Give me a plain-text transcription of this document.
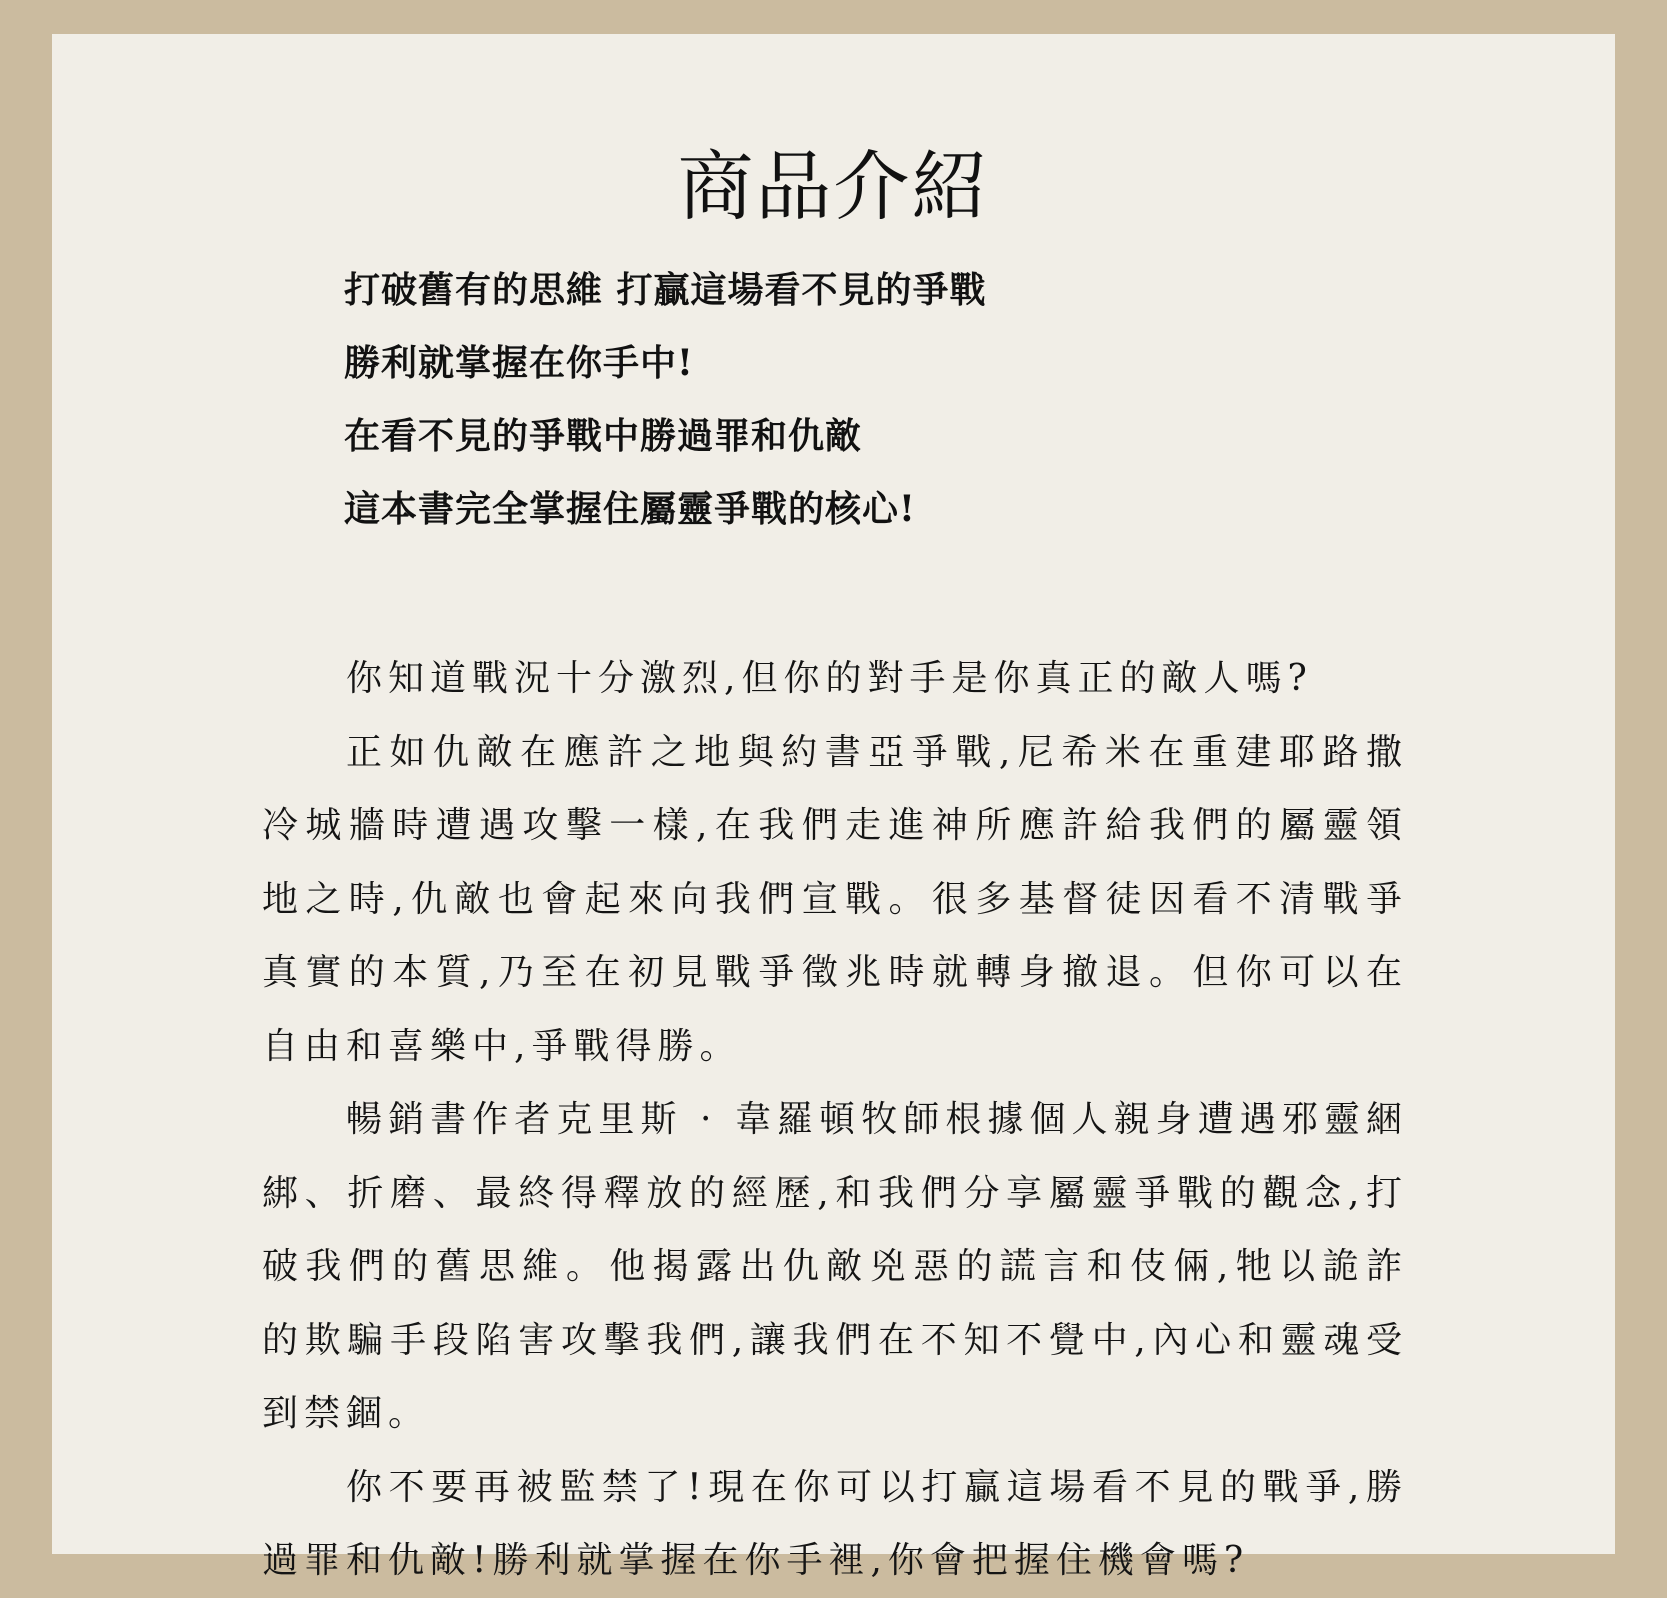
商品介紹

打破舊有的思維 打贏這場看不見的爭戰

勝利就掌握在你手中!

在看不見的爭戰中勝過罪和仇敵

這本書完全掌握住屬靈爭戰的核心!

你知道戰況十分激烈,但你的對手是你真正的敵人嗎?

正如仇敵在應許之地與約書亞爭戰,尼希米在重建耶路撒冷城牆時遭遇攻擊一樣,在我們走進神所應許給我們的屬靈領地之時,仇敵也會起來向我們宣戰。很多基督徒因看不清戰爭真實的本質,乃至在初見戰爭徵兆時就轉身撤退。但你可以在自由和喜樂中,爭戰得勝。

暢銷書作者克里斯 · 韋羅頓牧師根據個人親身遭遇邪靈綑綁、折磨、最終得釋放的經歷,和我們分享屬靈爭戰的觀念,打破我們的舊思維。他揭露出仇敵兇惡的謊言和伎倆,牠以詭詐的欺騙手段陷害攻擊我們,讓我們在不知不覺中,內心和靈魂受到禁錮。

你不要再被監禁了!現在你可以打贏這場看不見的戰爭,勝過罪和仇敵!勝利就掌握在你手裡,你會把握住機會嗎?
